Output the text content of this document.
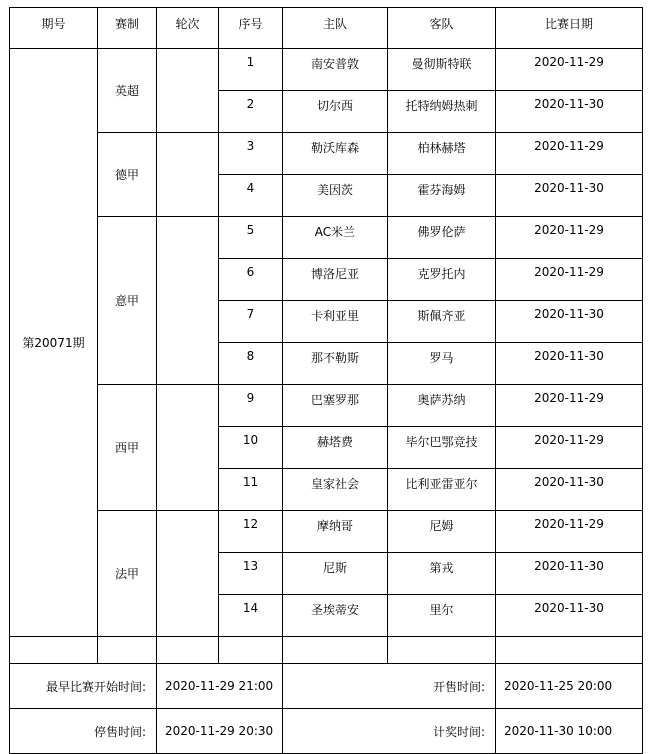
期号	赛制	轮次	序号	主队	客队	比赛日期
第20071期	英超		1	南安普敦	曼彻斯特联	2020-11-29
			2	切尔西	托特纳姆热刺	2020-11-30
	德甲		3	勒沃库森	柏林赫塔	2020-11-29
			4	美因茨	霍芬海姆	2020-11-30
	意甲		5	AC米兰	佛罗伦萨	2020-11-29
			6	博洛尼亚	克罗托内	2020-11-29
			7	卡利亚里	斯佩齐亚	2020-11-30
			8	那不勒斯	罗马	2020-11-30
	西甲		9	巴塞罗那	奥萨苏纳	2020-11-29
			10	赫塔费	毕尔巴鄂竞技	2020-11-29
			11	皇家社会	比利亚雷亚尔	2020-11-30
	法甲		12	摩纳哥	尼姆	2020-11-29
			13	尼斯	第戎	2020-11-30
			14	圣埃蒂安	里尔	2020-11-30

最早比赛开始时间:		2020-11-29 21:00		开售时间:		2020-11-25 20:00
停售时间:		2020-11-29 20:30		计奖时间:		2020-11-30 10:00
